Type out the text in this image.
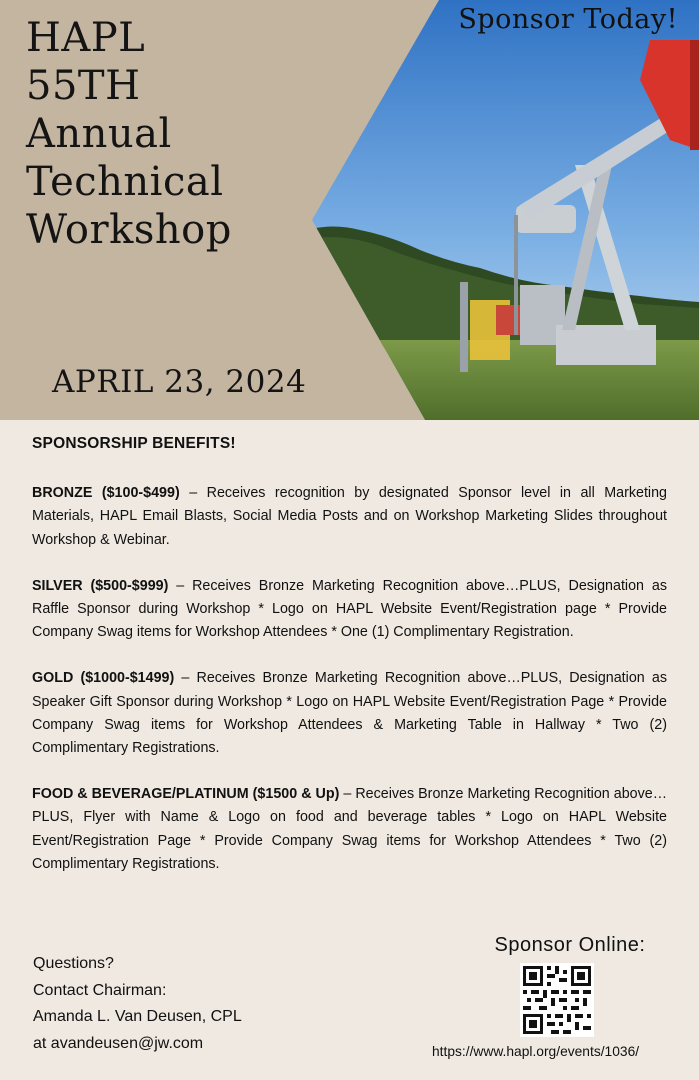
HAPL
55TH
Annual
Technical
Workshop
APRIL 23, 2024
Sponsor Today!
SPONSORSHIP BENEFITS!

BRONZE ($100-$499) – Receives recognition by designated Sponsor level in all Marketing Materials, HAPL Email Blasts, Social Media Posts and on Workshop Marketing Slides throughout Workshop & Webinar.

SILVER ($500-$999) – Receives Bronze Marketing Recognition above…PLUS, Designation as Raffle Sponsor during Workshop * Logo on HAPL Website Event/Registration page * Provide Company Swag items for Workshop Attendees * One (1) Complimentary Registration.

GOLD ($1000-$1499) – Receives Bronze Marketing Recognition above…PLUS, Designation as Speaker Gift Sponsor during Workshop * Logo on HAPL Website Event/Registration Page * Provide Company Swag items for Workshop Attendees & Marketing Table in Hallway * Two (2) Complimentary Registrations.

FOOD & BEVERAGE/PLATINUM ($1500 & Up) – Receives Bronze Marketing Recognition above…PLUS, Flyer with Name & Logo on food and beverage tables * Logo on HAPL Website Event/Registration Page * Provide Company Swag items for Workshop Attendees * Two (2) Complimentary Registrations.

Questions?
Contact Chairman:
Amanda L. Van Deusen, CPL
at avandeusen@jw.com
Sponsor Online:
https://www.hapl.org/events/1036/
